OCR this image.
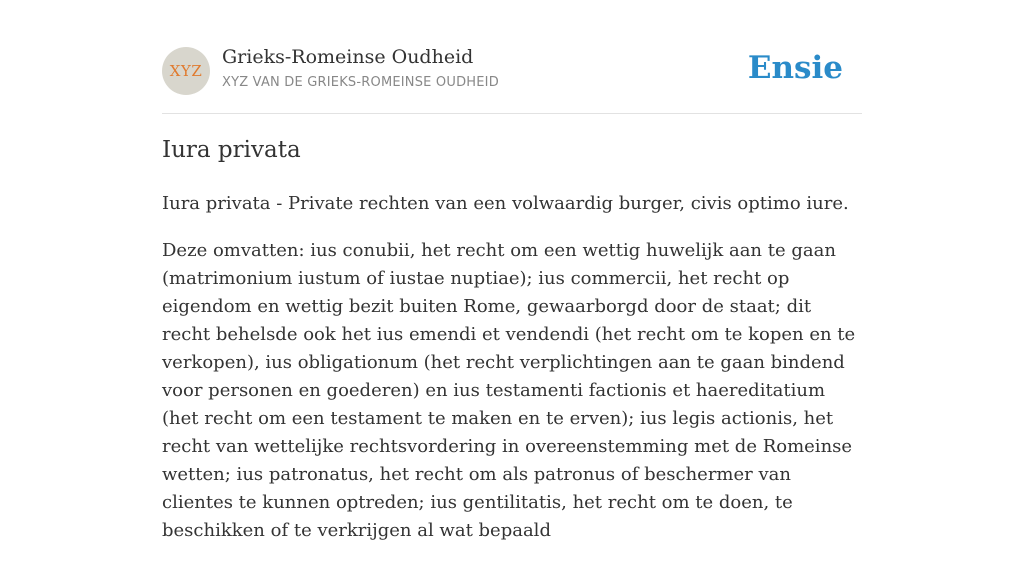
XYZ
Grieks-Romeinse Oudheid
XYZ VAN DE GRIEKS-ROMEINSE OUDHEID	Ensie
Iura privata

Iura privata - Private rechten van een volwaardig burger, civis optimo iure.

Deze omvatten: ius conubii, het recht om een wettig huwelijk aan te gaan (matrimonium iustum of iustae nuptiae); ius commercii, het recht op eigendom en wettig bezit buiten Rome, gewaarborgd door de staat; dit recht behelsde ook het ius emendi et vendendi (het recht om te kopen en te verkopen), ius obligationum (het recht verplichtingen aan te gaan bindend voor personen en goederen) en ius testamenti factionis et haereditatium (het recht om een testament te maken en te erven); ius legis actionis, het recht van wettelijke rechtsvordering in overeenstemming met de Romeinse wetten; ius patronatus, het recht om als patronus of beschermer van clientes te kunnen optreden; ius gentilitatis, het recht om te doen, te beschikken of te verkrijgen al wat bepaald
